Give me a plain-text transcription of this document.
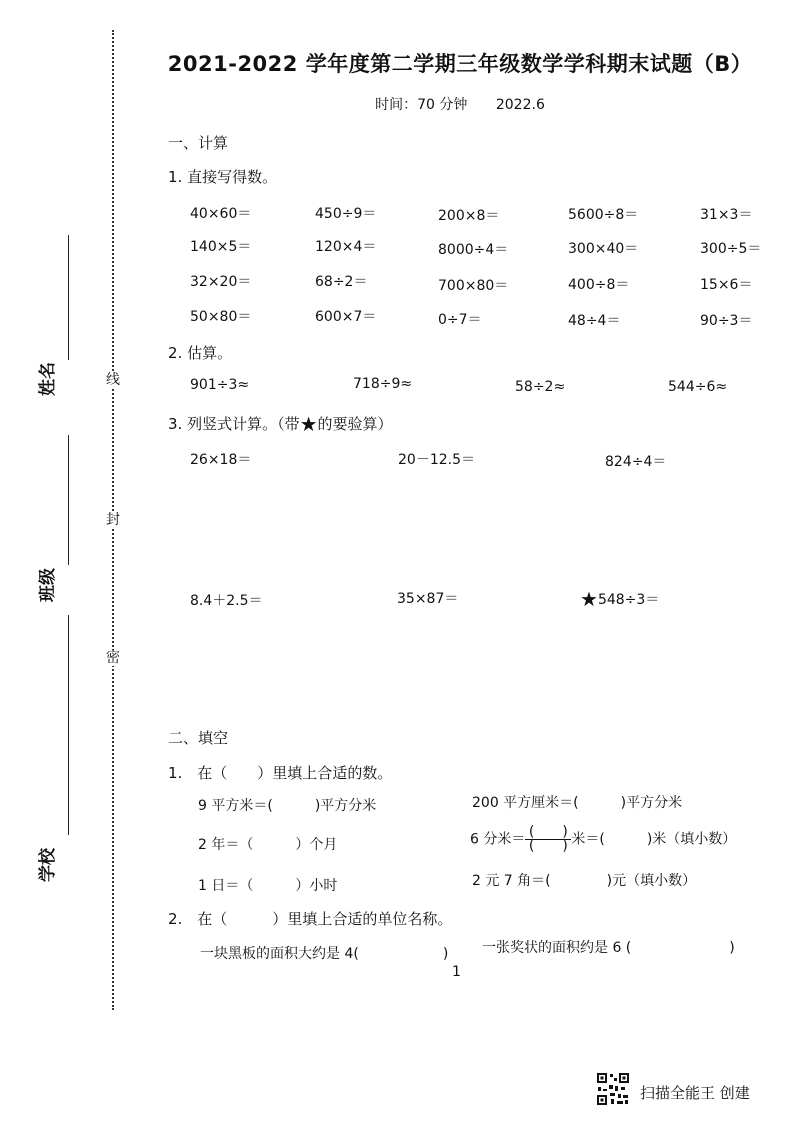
线
封
密
姓名
班级
学校
2021-2022 学年度第二学期三年级数学学科期末试题（B）
时间：70 分钟 2022.6
一、计算
1. 直接写得数。
40×60＝	450÷9＝	200×8＝	5600÷8＝	31×3＝
140×5＝	120×4＝	8000÷4＝	300×40＝	300÷5＝
32×20＝	68÷2＝	700×80＝	400÷8＝	15×6＝
50×80＝	600×7＝	0÷7＝	48÷4＝	90÷3＝
2. 估算。
901÷3≈	718÷9≈	58÷2≈	544÷6≈
3. 列竖式计算。（带★的要验算）
26×18＝	20－12.5＝	824÷4＝
8.4＋2.5＝	35×87＝	★548÷3＝
二、填空
1.　在（　　）里填上合适的数。
9 平方米＝(　　　)平方分米	200 平方厘米＝(　　　)平方分米
2 年＝（　　　）个月	6 分米＝ $\frac{( )}{( )}$ 米＝(　　　)米（填小数）
1 日＝（　　　）小时	2 元 7 角＝(　　　　)元（填小数）
2.　在（　　　）里填上合适的单位名称。
一块黑板的面积大约是 4(　　　　　　) 一张奖状的面积约是 6 (　　　　　　　)
1
扫描全能王 创建
